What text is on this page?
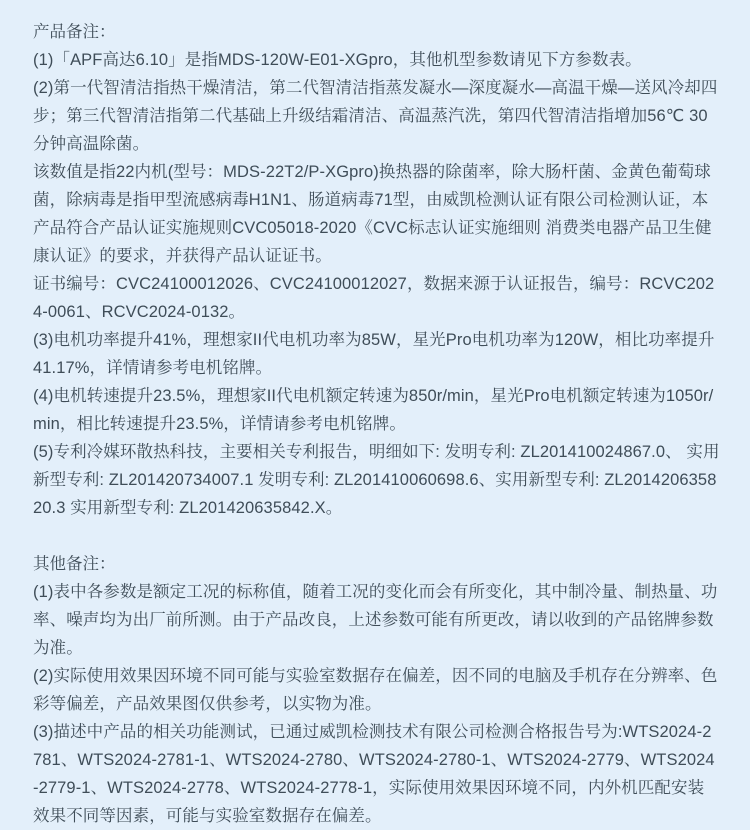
产品备注：
(1)「APF高达6.10」是指MDS-120W-E01-XGpro，其他机型参数请见下方参数表。
(2)第一代智清洁指热干燥清洁，第二代智清洁指蒸发凝水—深度凝水—高温干燥—送风冷却四步；第三代智清洁指第二代基础上升级结霜清洁、高温蒸汽洗，第四代智清洁指增加56℃ 30分钟高温除菌。
该数值是指22内机(型号：MDS-22T2/P-XGpro)换热器的除菌率，除大肠杆菌、金黄色葡萄球菌，除病毒是指甲型流感病毒H1N1、肠道病毒71型，由威凯检测认证有限公司检测认证，本产品符合产品认证实施规则CVC05018-2020《CVC标志认证实施细则 消费类电器产品卫生健康认证》的要求，并获得产品认证证书。
证书编号：CVC24100012026、CVC24100012027，数据来源于认证报告，编号：RCVC2024-0061、RCVC2024-0132。
(3)电机功率提升41%，理想家II代电机功率为85W，星光Pro电机功率为120W，相比功率提升41.17%，详情请参考电机铭牌。
(4)电机转速提升23.5%，理想家II代电机额定转速为850r/min，星光Pro电机额定转速为1050r/min，相比转速提升23.5%，详情请参考电机铭牌。
(5)专利冷媒环散热科技，主要相关专利报告，明细如下: 发明专利: ZL201410024867.0、 实用新型专利: ZL201420734007.1 发明专利: ZL201410060698.6、实用新型专利: ZL201420635820.3 实用新型专利: ZL201420635842.X。
其他备注：
(1)表中各参数是额定工况的标称值，随着工况的变化而会有所变化，其中制冷量、制热量、功率、噪声均为出厂前所测。由于产品改良，上述参数可能有所更改，请以收到的产品铭牌参数为准。
(2)实际使用效果因环境不同可能与实验室数据存在偏差，因不同的电脑及手机存在分辨率、色彩等偏差，产品效果图仅供参考，以实物为准。
(3)描述中产品的相关功能测试，已通过威凯检测技术有限公司检测合格报告号为:WTS2024-2781、WTS2024-2781-1、WTS2024-2780、WTS2024-2780-1、WTS2024-2779、WTS2024-2779-1、WTS2024-2778、WTS2024-2778-1，实际使用效果因环境不同，内外机匹配安装效果不同等因素，可能与实验室数据存在偏差。
